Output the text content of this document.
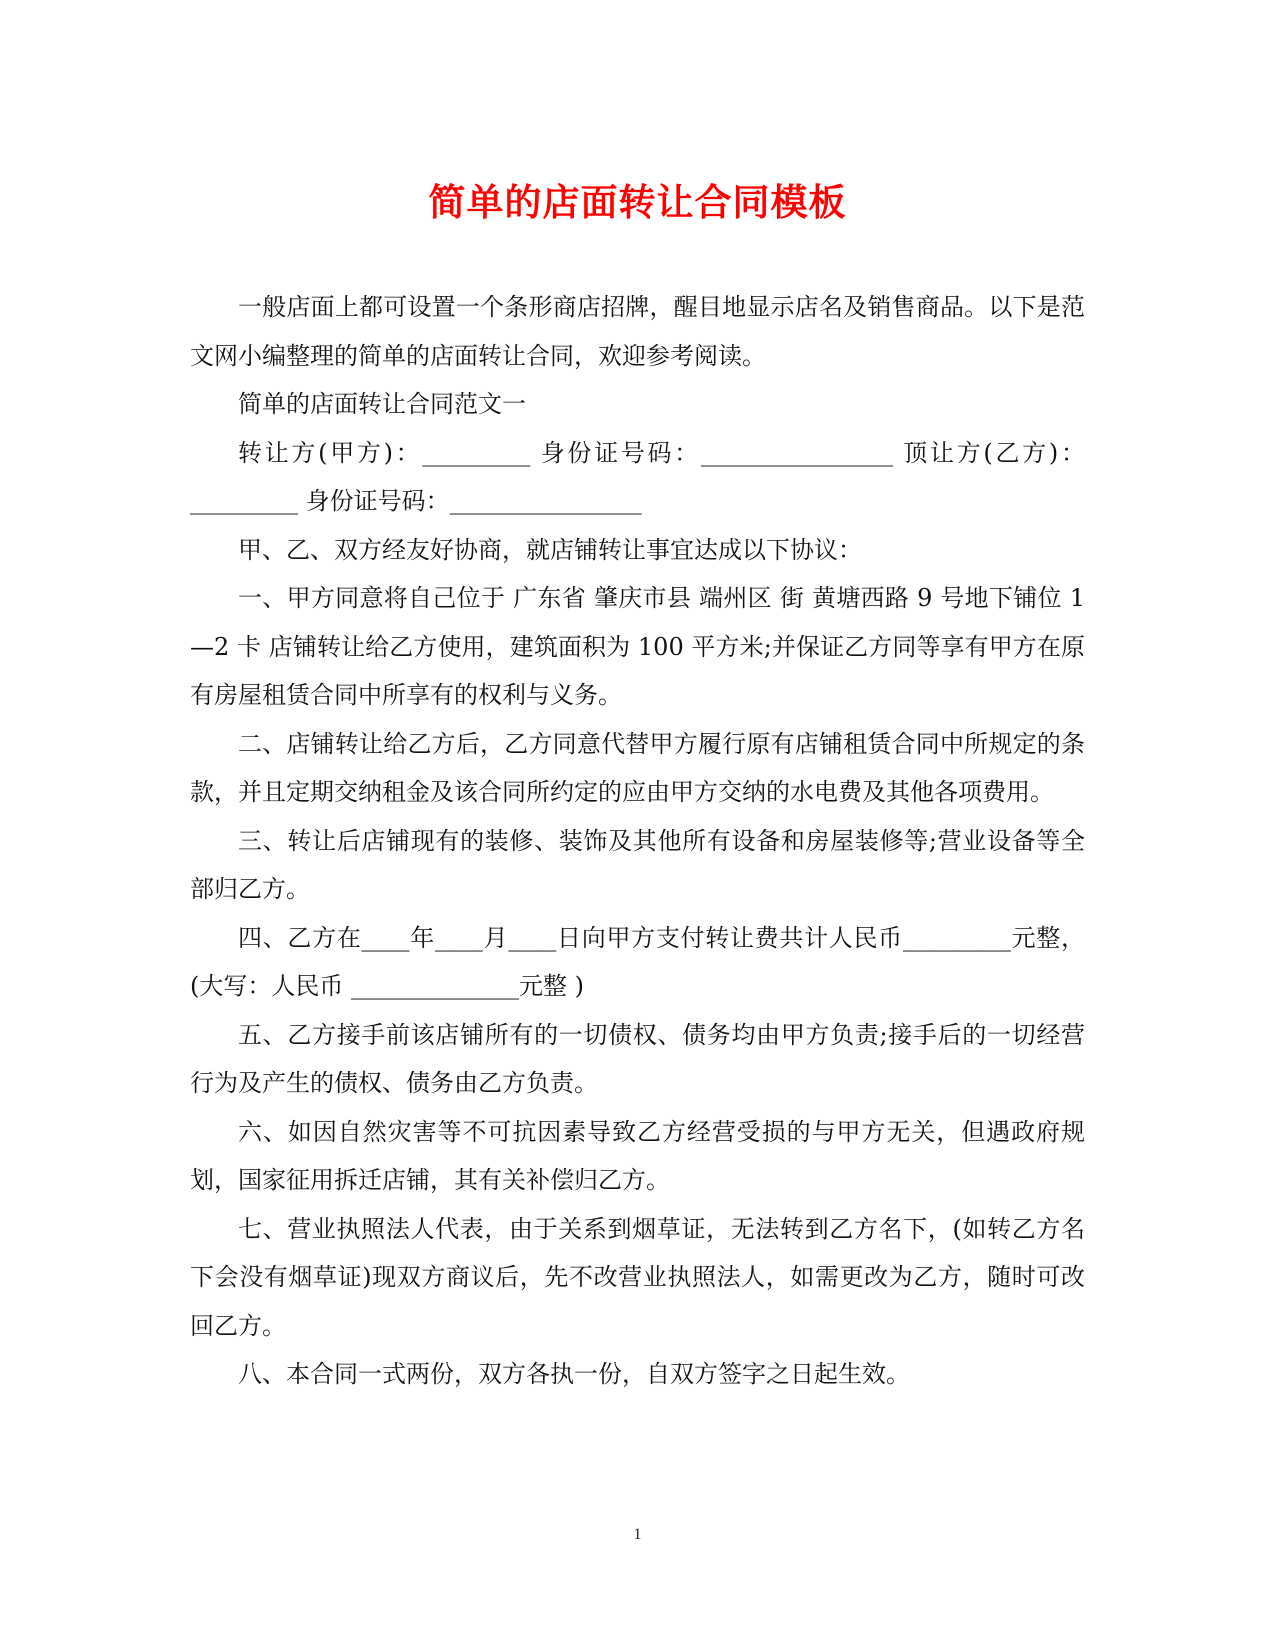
简单的店面转让合同模板

一般店面上都可设置一个条形商店招牌，醒目地显示店名及销售商品。以下是范文网小编整理的简单的店面转让合同，欢迎参考阅读。

简单的店面转让合同范文一

转让方(甲方)：_________ 身份证号码：________________ 顶让方(乙方)：_________ 身份证号码：________________

甲、乙、双方经友好协商，就店铺转让事宜达成以下协议：

一、甲方同意将自己位于 广东省 肇庆市县 端州区 街 黄塘西路 9 号地下铺位 1—2 卡 店铺转让给乙方使用，建筑面积为 100 平方米;并保证乙方同等享有甲方在原有房屋租赁合同中所享有的权利与义务。

二、店铺转让给乙方后，乙方同意代替甲方履行原有店铺租赁合同中所规定的条款，并且定期交纳租金及该合同所约定的应由甲方交纳的水电费及其他各项费用。

三、转让后店铺现有的装修、装饰及其他所有设备和房屋装修等;营业设备等全部归乙方。

四、乙方在____年____月____日向甲方支付转让费共计人民币_________元整，(大写：人民币 ______________元整 )

五、乙方接手前该店铺所有的一切债权、债务均由甲方负责;接手后的一切经营行为及产生的债权、债务由乙方负责。

六、如因自然灾害等不可抗因素导致乙方经营受损的与甲方无关，但遇政府规划，国家征用拆迁店铺，其有关补偿归乙方。

七、营业执照法人代表，由于关系到烟草证，无法转到乙方名下，(如转乙方名下会没有烟草证)现双方商议后，先不改营业执照法人，如需更改为乙方，随时可改回乙方。

八、本合同一式两份，双方各执一份，自双方签字之日起生效。

1
